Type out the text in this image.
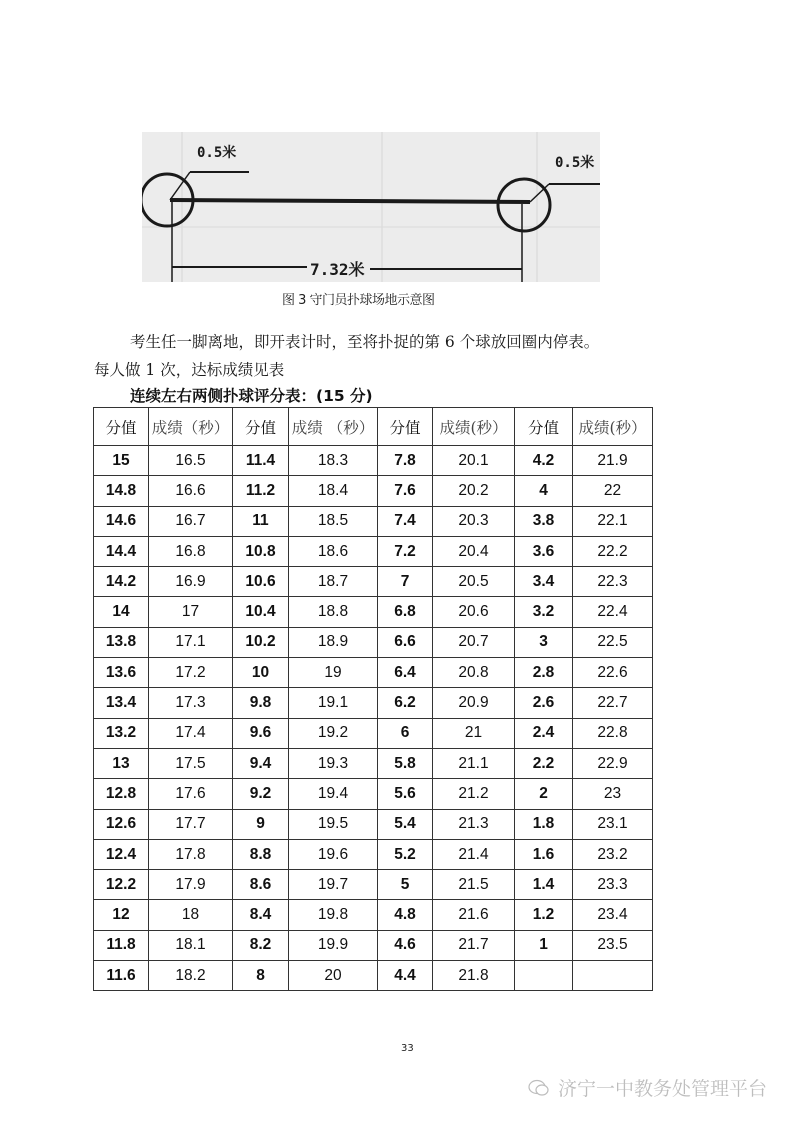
0.5米
0.5米
7.32米
图 3 守门员扑球场地示意图
考生任一脚离地，即开表计时，至将扑捉的第 6 个球放回圈内停表。
每人做 1 次，达标成绩见表
连续左右两侧扑球评分表：(15 分)
分值	成绩（秒）	分值	成绩 （秒）	分值	成绩(秒）	分值	成绩(秒）
15	16.5	11.4	18.3	7.8	20.1	4.2	21.9
14.8	16.6	11.2	18.4	7.6	20.2	4	22
14.6	16.7	11	18.5	7.4	20.3	3.8	22.1
14.4	16.8	10.8	18.6	7.2	20.4	3.6	22.2
14.2	16.9	10.6	18.7	7	20.5	3.4	22.3
14	17	10.4	18.8	6.8	20.6	3.2	22.4
13.8	17.1	10.2	18.9	6.6	20.7	3	22.5
13.6	17.2	10	19	6.4	20.8	2.8	22.6
13.4	17.3	9.8	19.1	6.2	20.9	2.6	22.7
13.2	17.4	9.6	19.2	6	21	2.4	22.8
13	17.5	9.4	19.3	5.8	21.1	2.2	22.9
12.8	17.6	9.2	19.4	5.6	21.2	2	23
12.6	17.7	9	19.5	5.4	21.3	1.8	23.1
12.4	17.8	8.8	19.6	5.2	21.4	1.6	23.2
12.2	17.9	8.6	19.7	5	21.5	1.4	23.3
12	18	8.4	19.8	4.8	21.6	1.2	23.4
11.8	18.1	8.2	19.9	4.6	21.7	1	23.5
11.6	18.2	8	20	4.4	21.8		
33
济宁一中教务处管理平台
